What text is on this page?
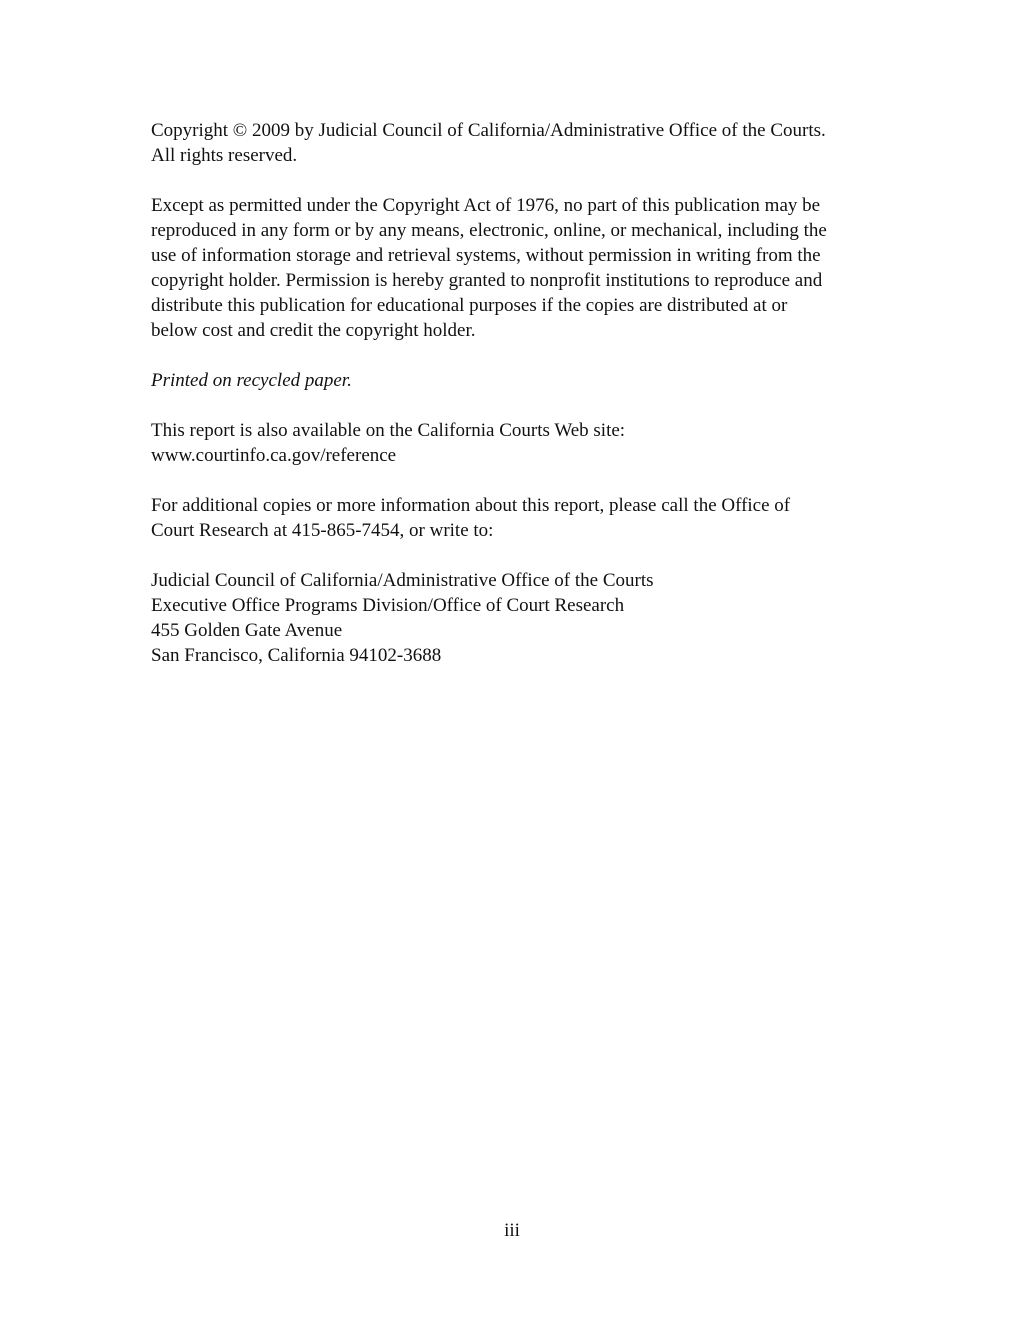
Copyright © 2009 by Judicial Council of California/Administrative Office of the Courts.
All rights reserved.

Except as permitted under the Copyright Act of 1976, no part of this publication may be
reproduced in any form or by any means, electronic, online, or mechanical, including the
use of information storage and retrieval systems, without permission in writing from the
copyright holder. Permission is hereby granted to nonprofit institutions to reproduce and
distribute this publication for educational purposes if the copies are distributed at or
below cost and credit the copyright holder.

Printed on recycled paper.

This report is also available on the California Courts Web site:
www.courtinfo.ca.gov/reference

For additional copies or more information about this report, please call the Office of
Court Research at 415-865-7454, or write to:

Judicial Council of California/Administrative Office of the Courts
Executive Office Programs Division/Office of Court Research
455 Golden Gate Avenue
San Francisco, California 94102-3688

iii
